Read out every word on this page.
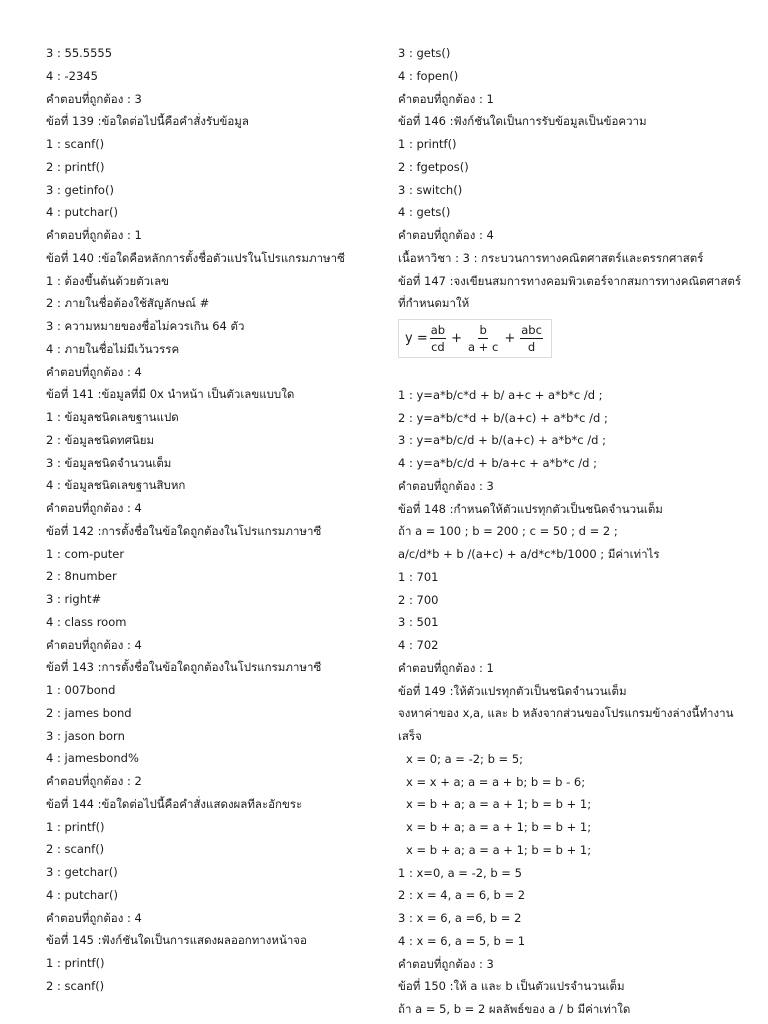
3 : 55.5555
4 : -2345
คำตอบที่ถูกต้อง : 3
ข้อที่ 139 :ข้อใดต่อไปนี้คือคำสั่งรับข้อมูล
1 : scanf()
2 : printf()
3 : getinfo()
4 : putchar()
คำตอบที่ถูกต้อง : 1
ข้อที่ 140 :ข้อใดคือหลักการตั้งชื่อตัวแปรในโปรแกรมภาษาซี
1 : ต้องขึ้นต้นด้วยตัวเลข
2 : ภายในชื่อต้องใช้สัญลักษณ์ #
3 : ความหมายของชื่อไม่ควรเกิน 64 ตัว
4 : ภายในชื่อไม่มีเว้นวรรค
คำตอบที่ถูกต้อง : 4
ข้อที่ 141 :ข้อมูลที่มี 0x นำหน้า เป็นตัวเลขแบบใด
1 : ข้อมูลชนิดเลขฐานแปด
2 : ข้อมูลชนิดทศนิยม
3 : ข้อมูลชนิดจำนวนเต็ม
4 : ข้อมูลชนิดเลขฐานสิบหก
คำตอบที่ถูกต้อง : 4
ข้อที่ 142 :การตั้งชื่อในข้อใดถูกต้องในโปรแกรมภาษาซี
1 : com-puter
2 : 8number
3 : right#
4 : class room
คำตอบที่ถูกต้อง : 4
ข้อที่ 143 :การตั้งชื่อในข้อใดถูกต้องในโปรแกรมภาษาซี
1 : 007bond
2 : james bond
3 : jason born
4 : jamesbond%
คำตอบที่ถูกต้อง : 2
ข้อที่ 144 :ข้อใดต่อไปนี้คือคำสั่งแสดงผลทีละอักขระ
1 : printf()
2 : scanf()
3 : getchar()
4 : putchar()
คำตอบที่ถูกต้อง : 4
ข้อที่ 145 :ฟังก์ชันใดเป็นการแสดงผลออกทางหน้าจอ
1 : printf()
2 : scanf()
3 : gets()
4 : fopen()
คำตอบที่ถูกต้อง : 1
ข้อที่ 146 :ฟังก์ชันใดเป็นการรับข้อมูลเป็นข้อความ
1 : printf()
2 : fgetpos()
3 : switch()
4 : gets()
คำตอบที่ถูกต้อง : 4
เนื้อหาวิชา : 3 : กระบวนการทางคณิตศาสตร์และตรรกศาสตร์
ข้อที่ 147 :จงเขียนสมการทางคอมพิวเตอร์จากสมการทางคณิตศาสตร์ที่กำหนดมาให้
$y = \frac{ab}{cd} + \frac{b}{a + c} + \frac{\text{abc}}{d}$
1 : y=a*b/c*d + b/ a+c + a*b*c /d ;
2 : y=a*b/c*d + b/(a+c) + a*b*c /d ;
3 : y=a*b/c/d + b/(a+c) + a*b*c /d ;
4 : y=a*b/c/d + b/a+c + a*b*c /d ;
คำตอบที่ถูกต้อง : 3
ข้อที่ 148 :กำหนดให้ตัวแปรทุกตัวเป็นชนิดจำนวนเต็ม
ถ้า a = 100 ; b = 200 ; c = 50 ; d = 2 ;
a/c/d*b + b /(a+c) + a/d*c*b/1000 ; มีค่าเท่าไร
1 : 701
2 : 700
3 : 501
4 : 702
คำตอบที่ถูกต้อง : 1
ข้อที่ 149 :ให้ตัวแปรทุกตัวเป็นชนิดจำนวนเต็ม
จงหาค่าของ x,a, และ b หลังจากส่วนของโปรแกรมข้างล่างนี้ทำงานเสร็จ
x = 0; a = -2; b = 5;
x = x + a; a = a + b; b = b - 6;
x = b + a; a = a + 1; b = b + 1;
x = b + a; a = a + 1; b = b + 1;
x = b + a; a = a + 1; b = b + 1;
1 : x=0, a = -2, b = 5
2 : x = 4, a = 6, b = 2
3 : x = 6, a =6, b = 2
4 : x = 6, a = 5, b = 1
คำตอบที่ถูกต้อง : 3
ข้อที่ 150 :ให้ a และ b เป็นตัวแปรจำนวนเต็ม
ถ้า a = 5, b = 2 ผลลัพธ์ของ a / b มีค่าเท่าใด
